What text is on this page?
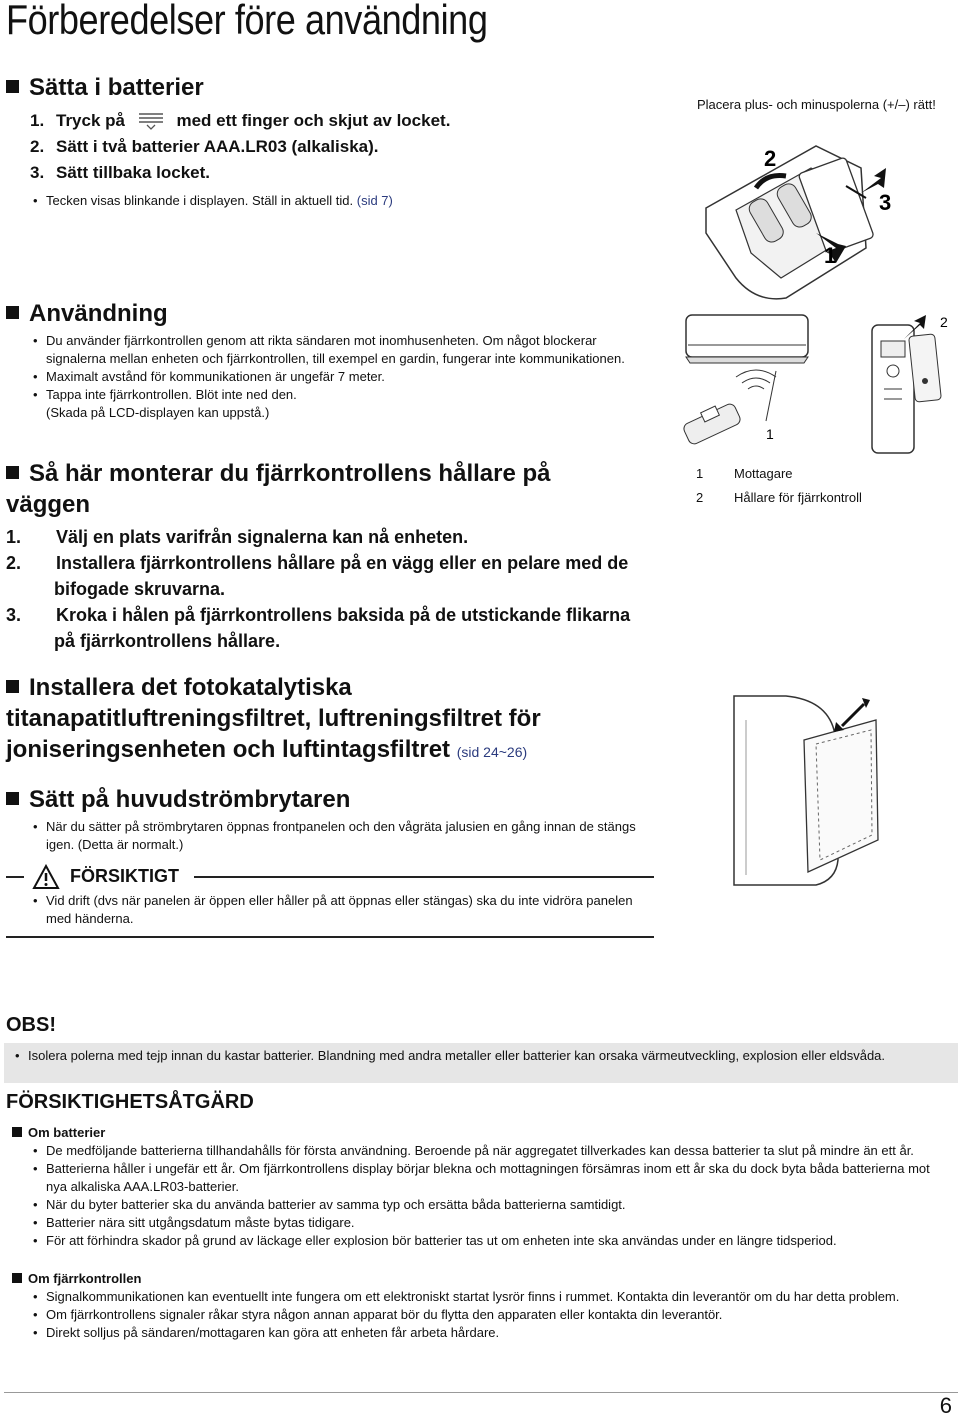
Förberedelser före användning
Sätta i batterier
1. Tryck på	med ett finger och skjut av locket.
2. Sätt i två batterier AAA.LR03 (alkaliska).
3. Sätt tillbaka locket.
• Tecken visas blinkande i displayen. Ställ in aktuell tid. (sid 7)
Placera plus- och minuspolerna (+/–) rätt!
2
3
1
Användning
• Du använder fjärrkontrollen genom att rikta sändaren mot inomhusenheten. Om något blockerar signalerna mellan enheten och fjärrkontrollen, till exempel en gardin, fungerar inte kommunikationen.
• Maximalt avstånd för kommunikationen är ungefär 7 meter.
• Tappa inte fjärrkontrollen. Blöt inte ned den.
(Skada på LCD-displayen kan uppstå.)
1
2
1 Mottagare
2 Hållare för fjärrkontroll
Så här monterar du fjärrkontrollens hållare på väggen
1. Välj en plats varifrån signalerna kan nå enheten.
2. Installera fjärrkontrollens hållare på en vägg eller en pelare med de bifogade skruvarna.
3. Kroka i hålen på fjärrkontrollens baksida på de utstickande flikarna på fjärrkontrollens hållare.
Installera det fotokatalytiska titanapatitluftreningsfiltret, luftreningsfiltret för joniseringsenheten och luftintagsfiltret (sid 24~26)
Sätt på huvudströmbrytaren
• När du sätter på strömbrytaren öppnas frontpanelen och den vågräta jalusien en gång innan de stängs igen. (Detta är normalt.)
FÖRSIKTIGT
• Vid drift (dvs när panelen är öppen eller håller på att öppnas eller stängas) ska du inte vidröra panelen med händerna.
OBS!
• Isolera polerna med tejp innan du kastar batterier. Blandning med andra metaller eller batterier kan orsaka värmeutveckling, explosion eller eldsvåda.
FÖRSIKTIGHETSÅTGÄRD
Om batterier
• De medföljande batterierna tillhandahålls för första användning. Beroende på när aggregatet tillverkades kan dessa batterier ta slut på mindre än ett år.
• Batterierna håller i ungefär ett år. Om fjärrkontrollens display börjar blekna och mottagningen försämras inom ett år ska du dock byta båda batterierna mot nya alkaliska AAA.LR03-batterier.
• När du byter batterier ska du använda batterier av samma typ och ersätta båda batterierna samtidigt.
• Batterier nära sitt utgångsdatum måste bytas tidigare.
• För att förhindra skador på grund av läckage eller explosion bör batterier tas ut om enheten inte ska användas under en längre tidsperiod.
Om fjärrkontrollen
• Signalkommunikationen kan eventuellt inte fungera om ett elektroniskt startat lysrör finns i rummet. Kontakta din leverantör om du har detta problem.
• Om fjärrkontrollens signaler råkar styra någon annan apparat bör du flytta den apparaten eller kontakta din leverantör.
• Direkt solljus på sändaren/mottagaren kan göra att enheten får arbeta hårdare.
6
